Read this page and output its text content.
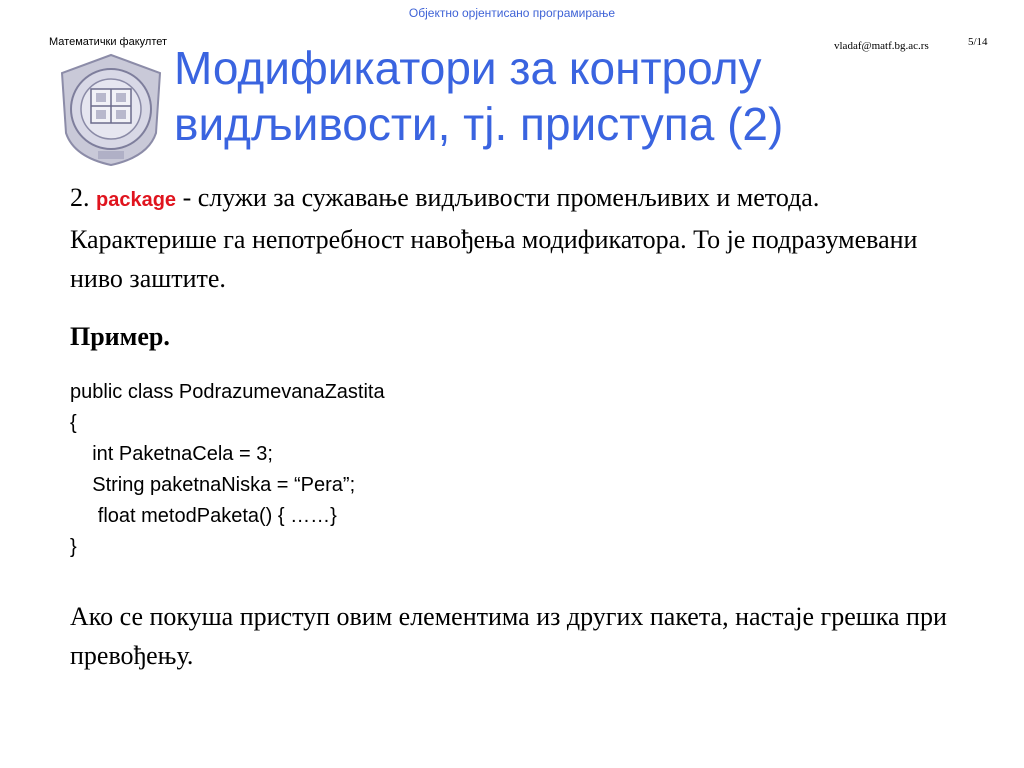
Објектно орјентисано програмирање
Математички факултет	vladaf@matf.bg.ac.rs	5/14
Модификатори за контролу
видљивости, тј. приступа (2)
2. package - служи за сужавање видљивости променљивих и метода. Карактерише га непотребност навођења модификатора. То је подразумевани ниво заштите.
Пример.
public class PodrazumevanaZastita
{
int PaketnaCela = 3;
String paketnaNiska = “Pera”;
float metodPaketa() { ……}
}
Ако се покуша приступ овим елементима из других пакета, настаје грешка при превођењу.
